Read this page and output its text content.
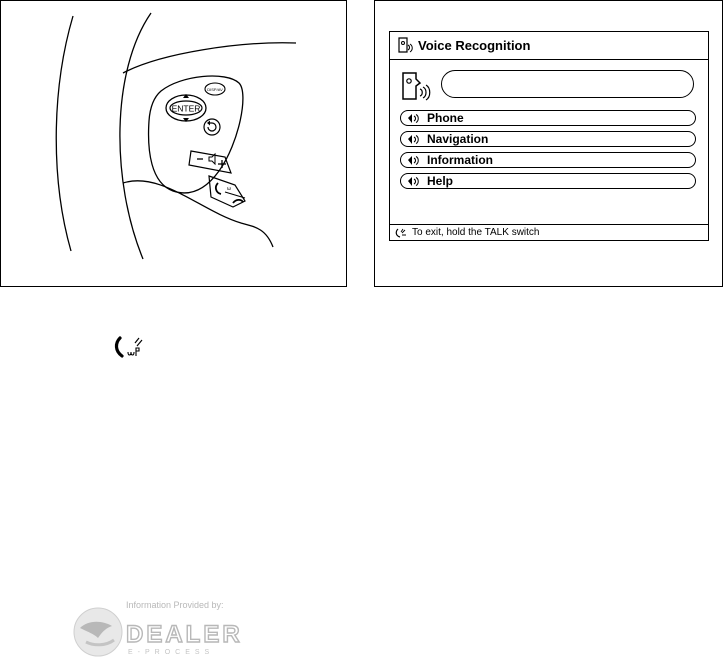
ENTER
DISP/AV
ω
Voice Recognition
Phone
Navigation
Information
Help
To exit, hold the TALK switch
DEALER
E-PROCESS
Information Provided by:
